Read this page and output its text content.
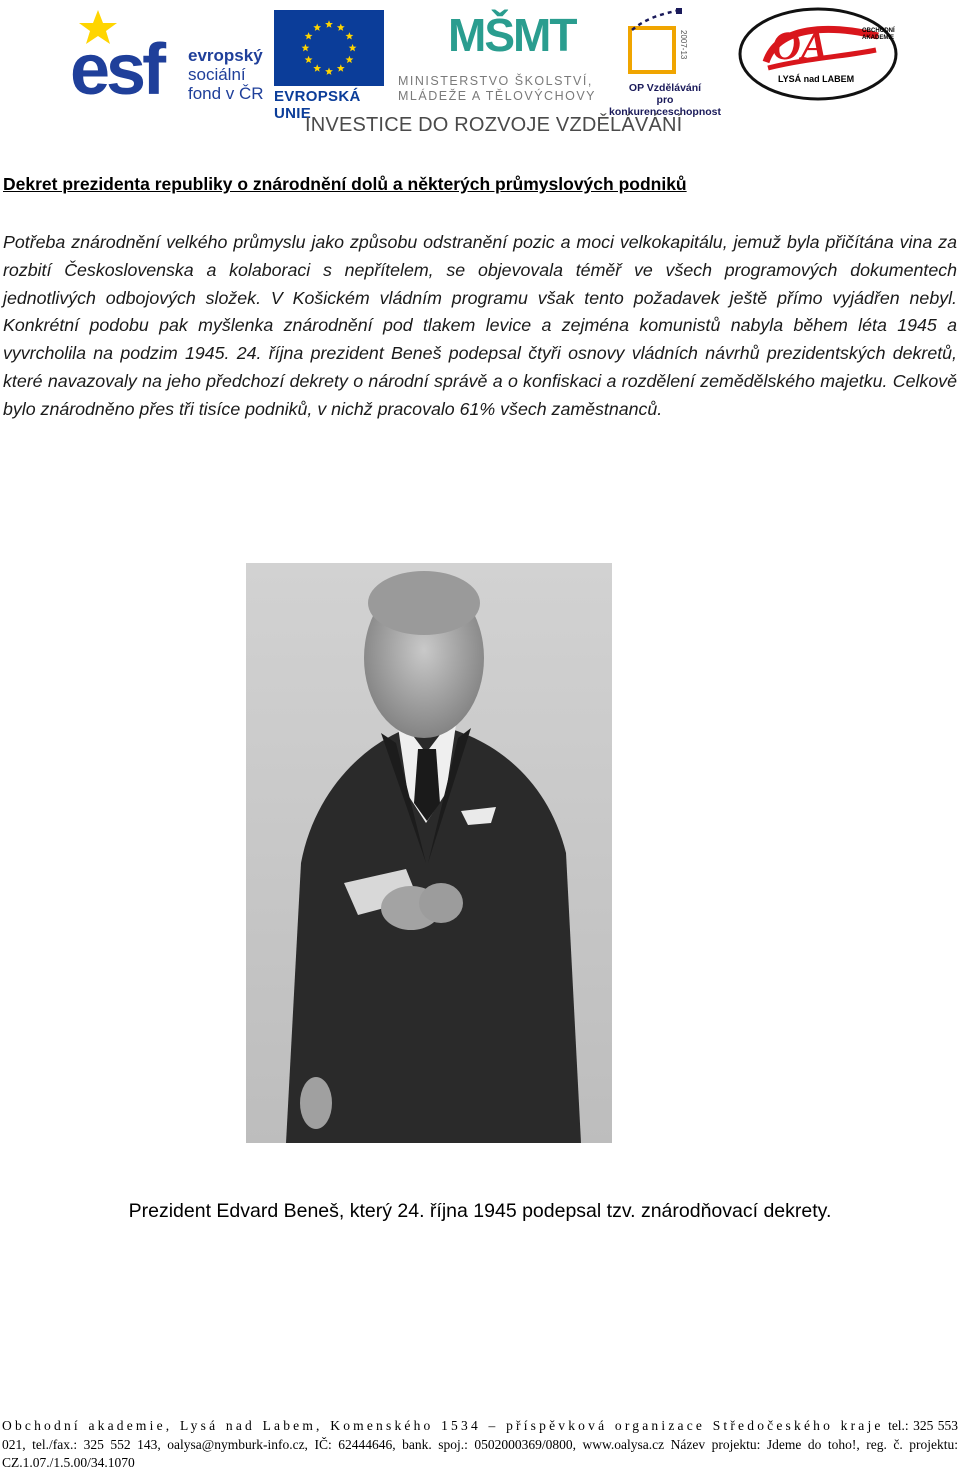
esf evropský
sociální
fond v ČR EVROPSKÁ UNIE
MŠMT
MINISTERSTVO ŠKOLSTVÍ,
MLÁDEŽE A TĚLOVÝCHOVY
2007-13
OP Vzdělávání
pro konkurenceschopnost
OA
LYSÁ nad LABEM
OBCHODNÍ AKADEMIE
INVESTICE DO ROZVOJE VZDĚLÁVÁNÍ
Dekret prezidenta republiky o znárodnění dolů a některých průmyslových podniků

Potřeba znárodnění velkého průmyslu jako způsobu odstranění pozic a moci velkokapitálu, jemuž byla přičítána vina za rozbití Československa a kolaboraci s nepřítelem, se objevovala téměř ve všech programových dokumentech jednotlivých odbojových složek. V Košickém vládním programu však tento požadavek ještě přímo vyjádřen nebyl. Konkrétní podobu pak myšlenka znárodnění pod tlakem levice a zejména komunistů nabyla během léta 1945 a vyvrcholila na podzim 1945. 24. října prezident Beneš podepsal čtyři osnovy vládních návrhů prezidentských dekretů, které navazovaly na jeho předchozí dekrety o národní správě a o konfiskaci a rozdělení zemědělského majetku. Celkově bylo znárodněno přes tři tisíce podniků, v nichž pracovalo 61% všech zaměstnanců.

Prezident Edvard Beneš, který 24. října 1945 podepsal tzv. znárodňovací dekrety.

Obchodní akademie, Lysá nad Labem, Komenského 1534 – příspěvková organizace Středočeského kraje tel.: 325 553 021, tel./fax.: 325 552 143, oalysa@nymburk-info.cz, IČ: 62444646, bank. spoj.: 0502000369/0800, www.oalysa.cz Název projektu: Jdeme do toho!, reg. č. projektu: CZ.1.07./1.5.00/34.1070
